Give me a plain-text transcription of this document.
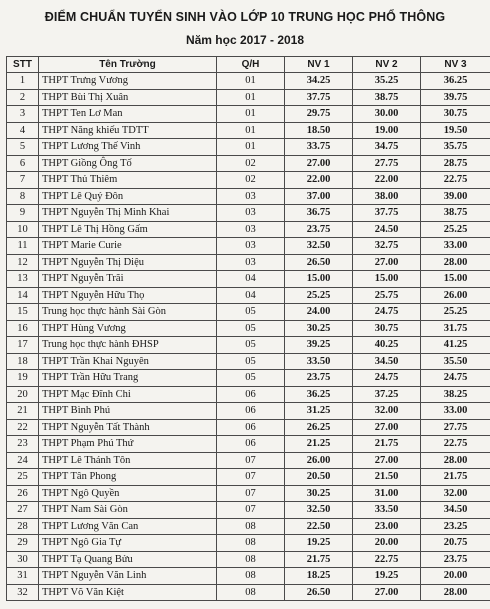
ĐIỂM CHUẨN TUYỂN SINH VÀO LỚP 10 TRUNG HỌC PHỔ THÔNG
Năm học 2017 - 2018
STT	Tên Trường	Q/H	NV 1	NV 2	NV 3
1	THPT Trưng Vương	01	34.25	35.25	36.25
2	THPT Bùi Thị Xuân	01	37.75	38.75	39.75
3	THPT Ten Lơ Man	01	29.75	30.00	30.75
4	THPT Năng khiếu TDTT	01	18.50	19.00	19.50
5	THPT Lương Thế Vinh	01	33.75	34.75	35.75
6	THPT Giồng Ông Tố	02	27.00	27.75	28.75
7	THPT Thủ Thiêm	02	22.00	22.00	22.75
8	THPT Lê Quý Đôn	03	37.00	38.00	39.00
9	THPT Nguyễn Thị Minh Khai	03	36.75	37.75	38.75
10	THPT Lê Thị Hồng Gấm	03	23.75	24.50	25.25
11	THPT Marie Curie	03	32.50	32.75	33.00
12	THPT Nguyễn Thị Diệu	03	26.50	27.00	28.00
13	THPT Nguyễn Trãi	04	15.00	15.00	15.00
14	THPT Nguyễn Hữu Thọ	04	25.25	25.75	26.00
15	Trung học thực hành Sài Gòn	05	24.00	24.75	25.25
16	THPT Hùng Vương	05	30.25	30.75	31.75
17	Trung học thực hành ĐHSP	05	39.25	40.25	41.25
18	THPT Trần Khai Nguyên	05	33.50	34.50	35.50
19	THPT Trần Hữu Trang	05	23.75	24.75	24.75
20	THPT Mạc Đĩnh Chi	06	36.25	37.25	38.25
21	THPT Bình Phú	06	31.25	32.00	33.00
22	THPT Nguyễn Tất Thành	06	26.25	27.00	27.75
23	THPT Phạm Phú Thứ	06	21.25	21.75	22.75
24	THPT Lê Thánh Tôn	07	26.00	27.00	28.00
25	THPT Tân Phong	07	20.50	21.50	21.75
26	THPT Ngô Quyền	07	30.25	31.00	32.00
27	THPT Nam Sài Gòn	07	32.50	33.50	34.50
28	THPT Lương Văn Can	08	22.50	23.00	23.25
29	THPT Ngô Gia Tự	08	19.25	20.00	20.75
30	THPT Tạ Quang Bửu	08	21.75	22.75	23.75
31	THPT Nguyễn Văn Linh	08	18.25	19.25	20.00
32	THPT Võ Văn Kiệt	08	26.50	27.00	28.00
